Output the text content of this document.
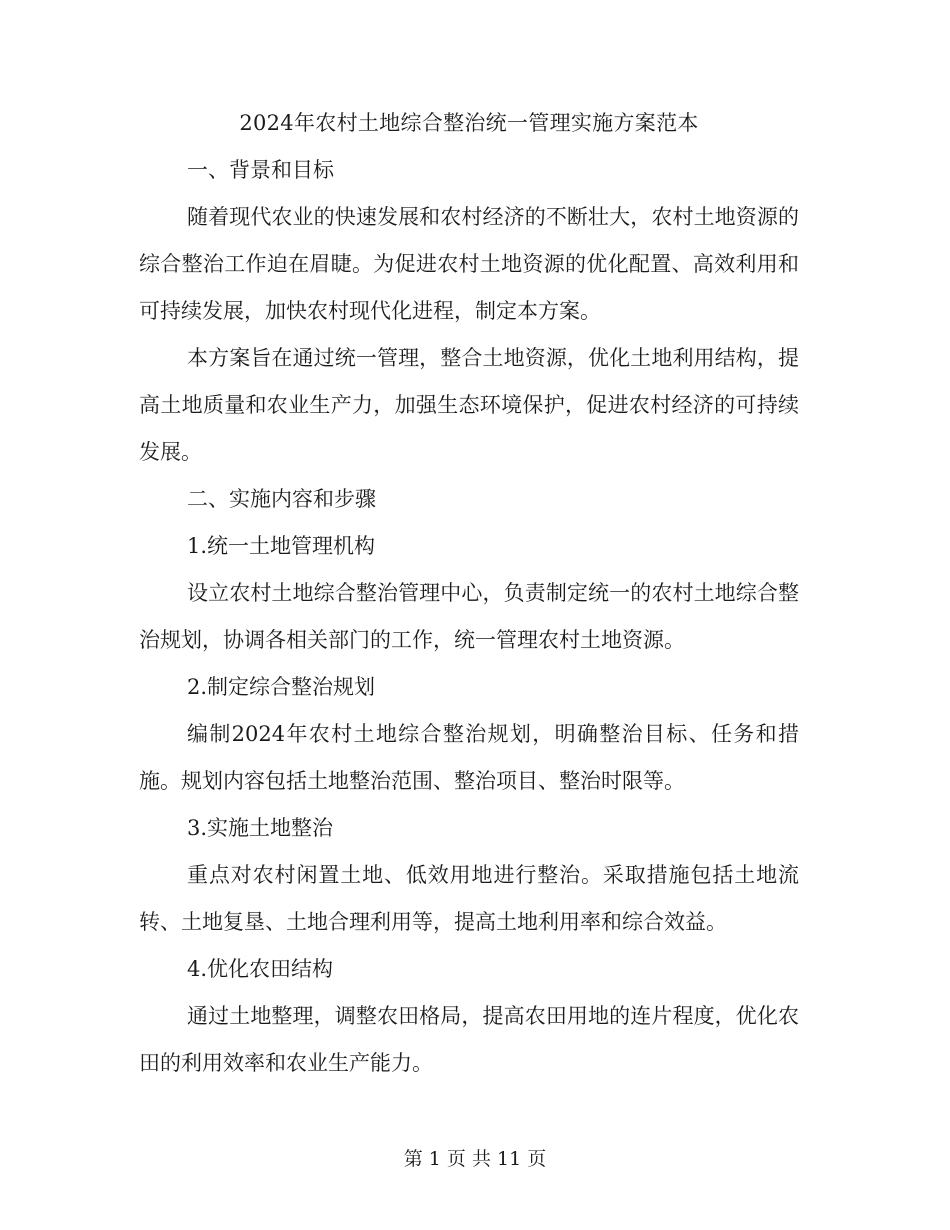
2024年农村土地综合整治统一管理实施方案范本

一、背景和目标

随着现代农业的快速发展和农村经济的不断壮大，农村土地资源的综合整治工作迫在眉睫。为促进农村土地资源的优化配置、高效利用和可持续发展，加快农村现代化进程，制定本方案。

本方案旨在通过统一管理，整合土地资源，优化土地利用结构，提高土地质量和农业生产力，加强生态环境保护，促进农村经济的可持续发展。

二、实施内容和步骤

1.统一土地管理机构

设立农村土地综合整治管理中心，负责制定统一的农村土地综合整治规划，协调各相关部门的工作，统一管理农村土地资源。

2.制定综合整治规划

编制2024年农村土地综合整治规划，明确整治目标、任务和措施。规划内容包括土地整治范围、整治项目、整治时限等。

3.实施土地整治

重点对农村闲置土地、低效用地进行整治。采取措施包括土地流转、土地复垦、土地合理利用等，提高土地利用率和综合效益。

4.优化农田结构

通过土地整理，调整农田格局，提高农田用地的连片程度，优化农田的利用效率和农业生产能力。

第 1 页 共 11 页
